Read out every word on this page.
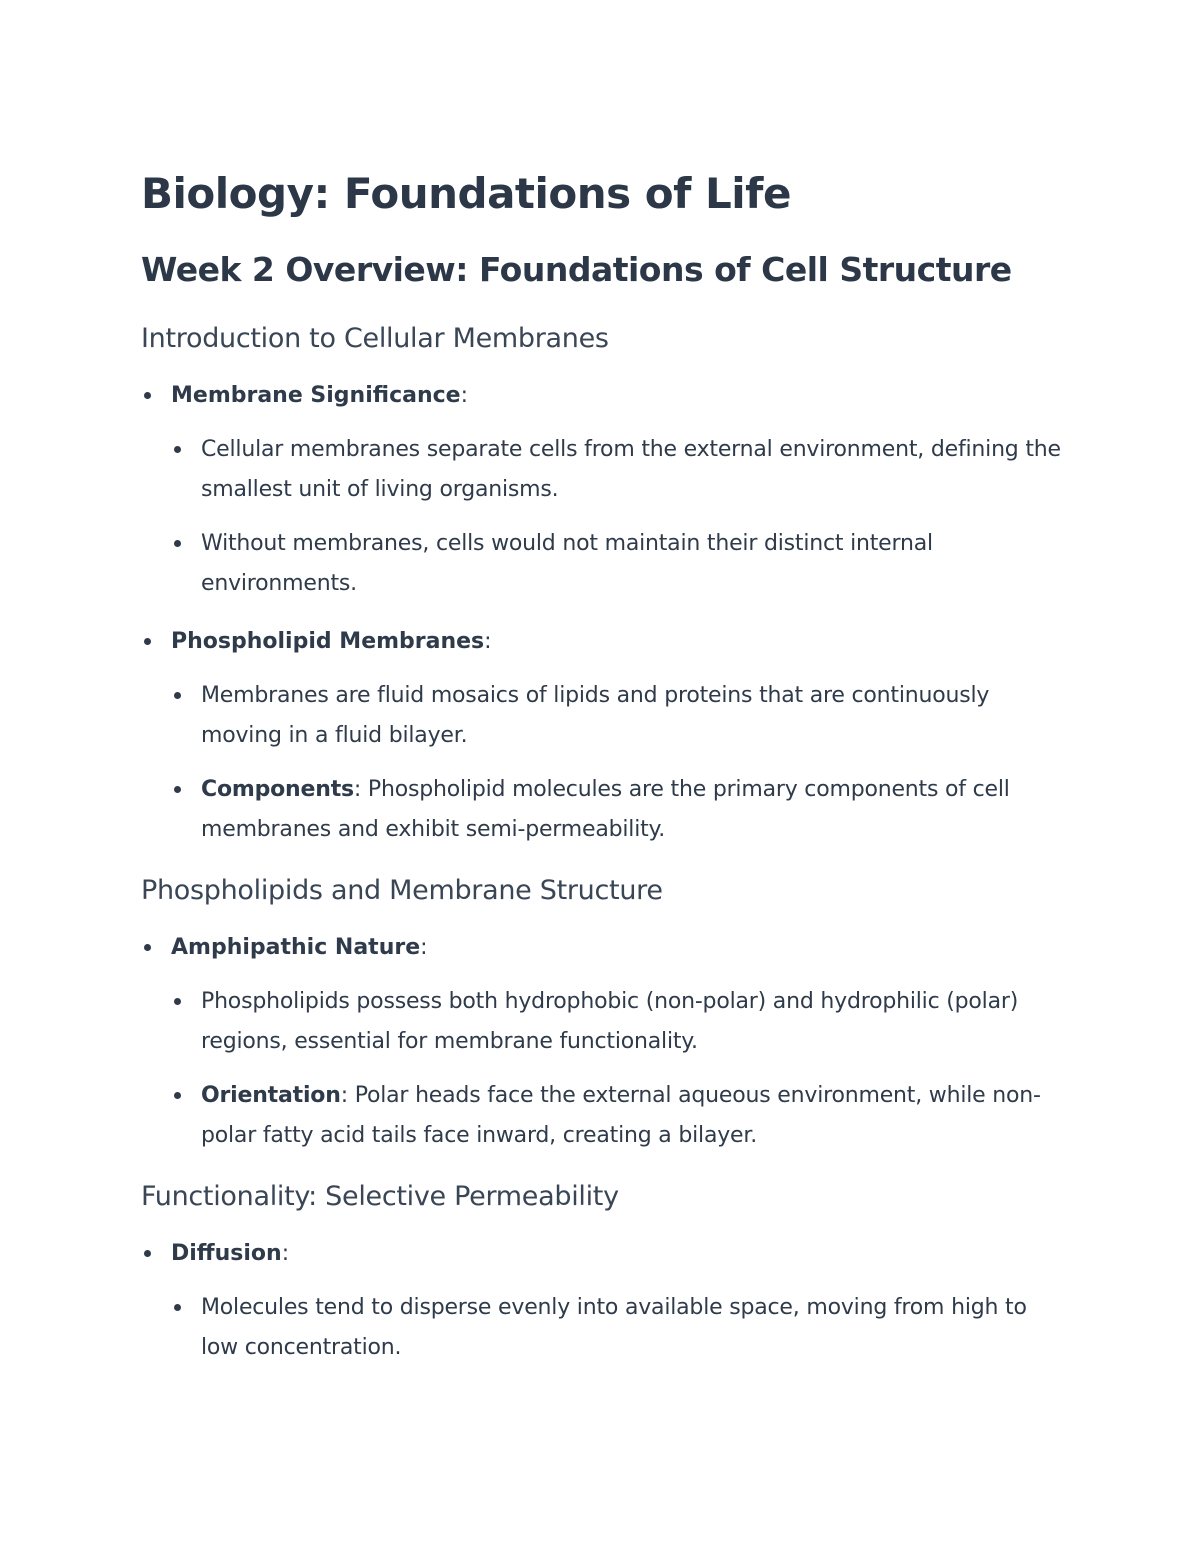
Biology: Foundations of Life
Week 2 Overview: Foundations of Cell Structure
Introduction to Cellular Membranes
Membrane Significance:
Cellular membranes separate cells from the external environment, defining the smallest unit of living organisms.
Without membranes, cells would not maintain their distinct internal environments.
Phospholipid Membranes:
Membranes are fluid mosaics of lipids and proteins that are continuously moving in a fluid bilayer.
Components: Phospholipid molecules are the primary components of cell membranes and exhibit semi-permeability.
Phospholipids and Membrane Structure
Amphipathic Nature:
Phospholipids possess both hydrophobic (non-polar) and hydrophilic (polar) regions, essential for membrane functionality.
Orientation: Polar heads face the external aqueous environment, while non-polar fatty acid tails face inward, creating a bilayer.
Functionality: Selective Permeability
Diffusion:
Molecules tend to disperse evenly into available space, moving from high to low concentration.
